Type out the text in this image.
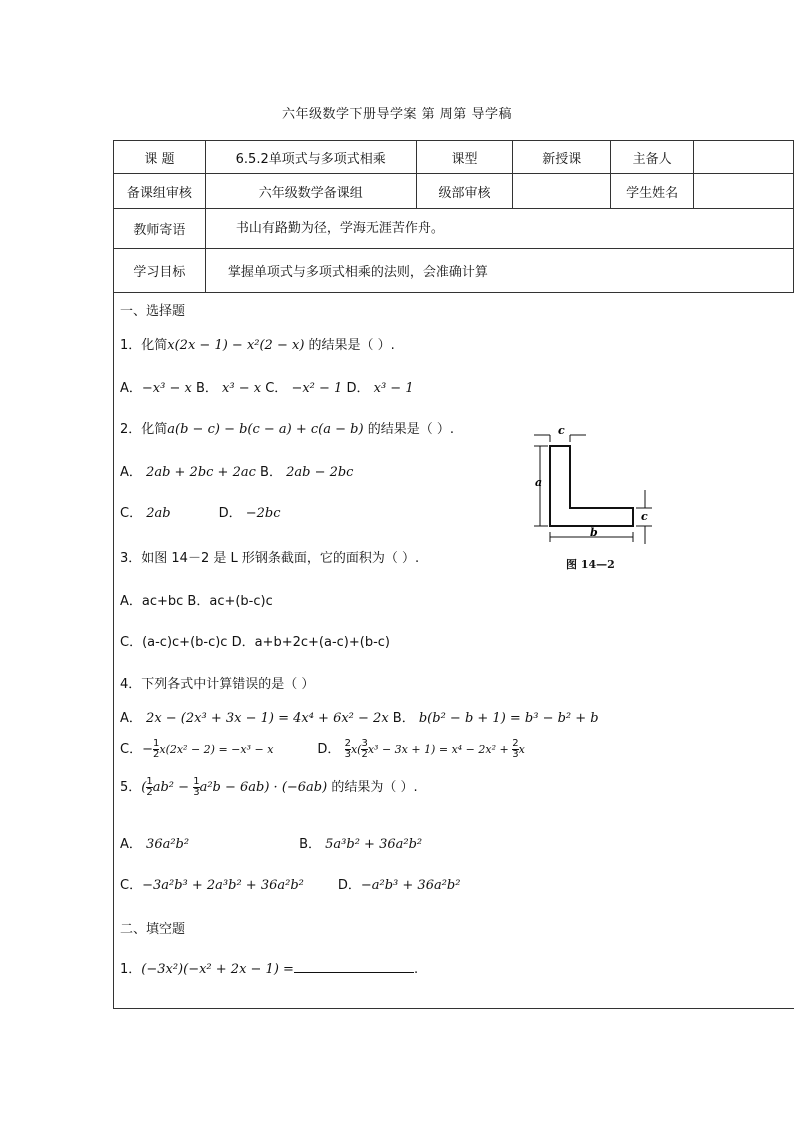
六年级数学下册导学案 第 周第 导学稿
课 题	6.5.2单项式与多项式相乘	课型	新授课	主备人	
备课组审核	六年级数学备课组	级部审核		学生姓名	
教师寄语	书山有路勤为径，学海无涯苦作舟。				
学习目标	掌握单项式与多项式相乘的法则，会准确计算				
一、选择题
1．化简x(2x − 1) − x²(2 − x) 的结果是（ ）.
A．−x³ − x B． x³ − x C． −x² − 1 D． x³ − 1
2．化简a(b − c) − b(c − a) + c(a − b) 的结果是（ ）.
A． 2ab + 2bc + 2ac B． 2ab − 2bc
C． 2ab	D． −2bc
3．如图 14－2 是 L 形钢条截面，它的面积为（ ）.
A．ac+bc B．ac+(b-c)c
C．(a-c)c+(b-c)c D．a+b+2c+(a-c)+(b-c)
4．下列各式中计算错误的是（ ）
A． 2x − (2x³ + 3x − 1) = 4x⁴ + 6x² − 2x B． b(b² − b + 1) = b³ − b² + b
C．− $\frac{1}{2} x(2x^2 - 2) = -x^3 - x$	D． $\frac{2}{3} x( \frac{3}{2} x^3 - 3x + 1) = x^4 - 2x^2 + \frac{2}{3}$ x
5．( $\frac{1}{2} ab^2 - \frac{1}{3} a^2b - 6ab) \cdot (-6ab)$ 的结果为（ ）.
A． 36a²b²	B． 5a³b² + 36a²b²
C．−3a²b³ + 2a³b² + 36a²b²	D．−a²b³ + 36a²b²
二、填空题
1．(−3x²)(−x² + 2x − 1) =	.
a
c
b
c
图 14—2
